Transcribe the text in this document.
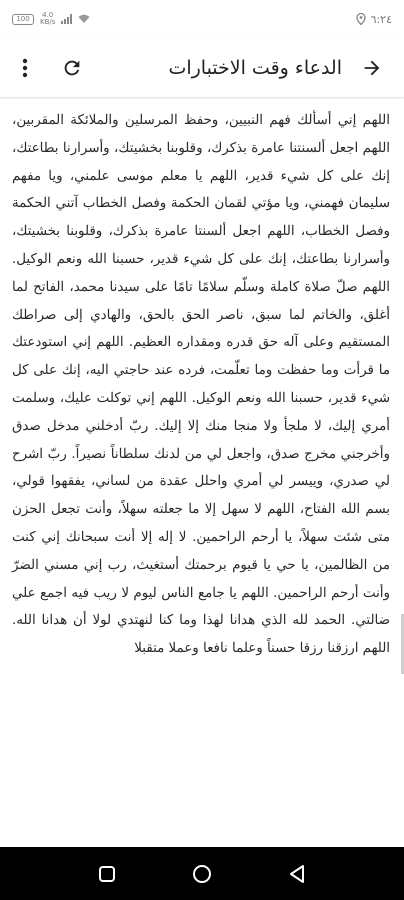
100	4.0
KB/s	٦:٢٤
الدعاء وقت الاختبارات

اللهم إني أسألك فهم النبيين، وحفظ المرسلين والملائكة المقربين، اللهم اجعل ألسنتنا عامرة بذكرك، وقلوبنا بخشيتك، وأسرارنا بطاعتك، إنك على كل شيء قدير، اللهم يا معلم موسى علمني، ويا مفهم سليمان فهمني، ويا مؤتي لقمان الحكمة وفصل الخطاب آتني الحكمة وفصل الخطاب، اللهم اجعل ألسنتا عامرة بذكرك، وقلوبنا بخشيتك، وأسرارنا بطاعتك، إنك على كل شيء قدير، حسبنا الله ونعم الوكيل. اللهم صلّ صلاة كاملة وسلّم سلامًا تامًا على سيدنا محمد، الفاتح لما أغلق، والخاتم لما سبق، ناصر الحق بالحق، والهادي إلى صراطك المستقيم وعلى آله حق قدره ومقداره العظيم. اللهم إني استودعتك ما قرأت وما حفظت وما تعلّمت، فرده عند حاجتي اليه، إنك على كل شيء قدير، حسبنا الله ونعم الوكيل. اللهم إني توكلت عليك، وسلمت أمري إليك، لا ملجأ ولا منجا منك إلا إليك. ربّ أدخلني مدخل صدق وأخرجني مخرج صدق، واجعل لي من لدنك سلطاناً نصيراً. ربّ اشرح لي صدري، وييسر لي أمري واحلل عقدة من لساني، يفقهوا قولي، بسم الله الفتاح، اللهم لا سهل إلا ما جعلته سهلاً، وأنت تجعل الحزن متى شئت سهلاً، يا أرحم الراحمين. لا إله إلا أنت سبحانك إني كنت من الظالمين، يا حي يا قيوم برحمتك أستغيث، رب إني مسني الضرّ وأنت أرحم الراحمين. اللهم يا جامع الناس ليوم لا ريب فيه اجمع علي ضالتي. الحمد لله الذي هدانا لهذا وما كنا لنهتدي لولا أن هدانا الله. اللهم ارزقنا رزقا حسناً وعلما نافعا وعملا متقبلا
